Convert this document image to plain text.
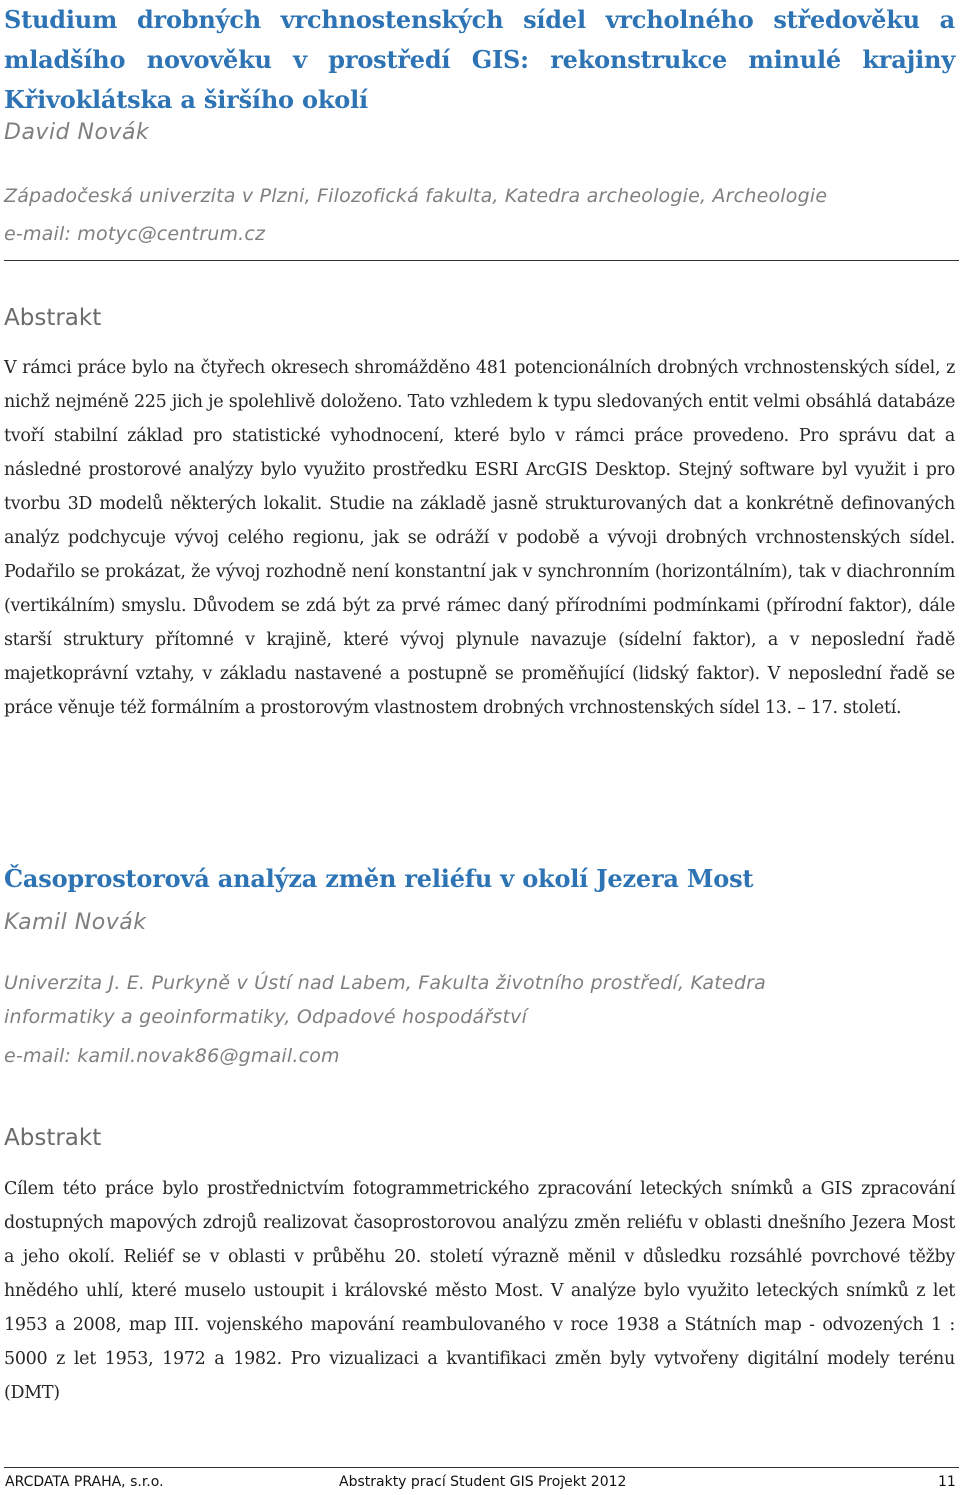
Studium drobných vrchnostenských sídel vrcholného středověku a mladšího novověku v prostředí GIS: rekonstrukce minulé krajiny Křivoklátska a širšího okolí
David Novák
Západočeská univerzita v Plzni, Filozofická fakulta, Katedra archeologie, Archeologie
e-mail: motyc@centrum.cz
Abstrakt
V rámci práce bylo na čtyřech okresech shromážděno 481 potencionálních drobných vrchnostenských sídel, z nichž nejméně 225 jich je spolehlivě doloženo. Tato vzhledem k typu sledovaných entit velmi obsáhlá databáze tvoří stabilní základ pro statistické vyhodnocení, které bylo v rámci práce provedeno. Pro správu dat a následné prostorové analýzy bylo využito prostředku ESRI ArcGIS Desktop. Stejný software byl využit i pro tvorbu 3D modelů některých lokalit. Studie na základě jasně strukturovaných dat a konkrétně definovaných analýz podchycuje vývoj celého regionu, jak se odráží v podobě a vývoji drobných vrchnostenských sídel. Podařilo se prokázat, že vývoj rozhodně není konstantní jak v synchronním (horizontálním), tak v diachronním (vertikálním) smyslu. Důvodem se zdá být za prvé rámec daný přírodními podmínkami (přírodní faktor), dále starší struktury přítomné v krajině, které vývoj plynule navazuje (sídelní faktor), a v neposlední řadě majetkoprávní vztahy, v základu nastavené a postupně se proměňující (lidský faktor). V neposlední řadě se práce věnuje též formálním a prostorovým vlastnostem drobných vrchnostenských sídel 13. – 17. století.
Časoprostorová analýza změn reliéfu v okolí Jezera Most
Kamil Novák
Univerzita J. E. Purkyně v Ústí nad Labem, Fakulta životního prostředí, Katedra
informatiky a geoinformatiky, Odpadové hospodářství
e-mail: kamil.novak86@gmail.com
Abstrakt
Cílem této práce bylo prostřednictvím fotogrammetrického zpracování leteckých snímků a GIS zpracování dostupných mapových zdrojů realizovat časoprostorovou analýzu změn reliéfu v oblasti dnešního Jezera Most a jeho okolí. Reliéf se v oblasti v průběhu 20. století výrazně měnil v důsledku rozsáhlé povrchové těžby hnědého uhlí, které muselo ustoupit i královské město Most. V analýze bylo využito leteckých snímků z let 1953 a 2008, map III. vojenského mapování reambulovaného v roce 1938 a Státních map - odvozených 1 : 5000 z let 1953, 1972 a 1982. Pro vizualizaci a kvantifikaci změn byly vytvořeny digitální modely terénu (DMT)
ARCDATA PRAHA, s.r.o.	Abstrakty prací Student GIS Projekt 2012	11
